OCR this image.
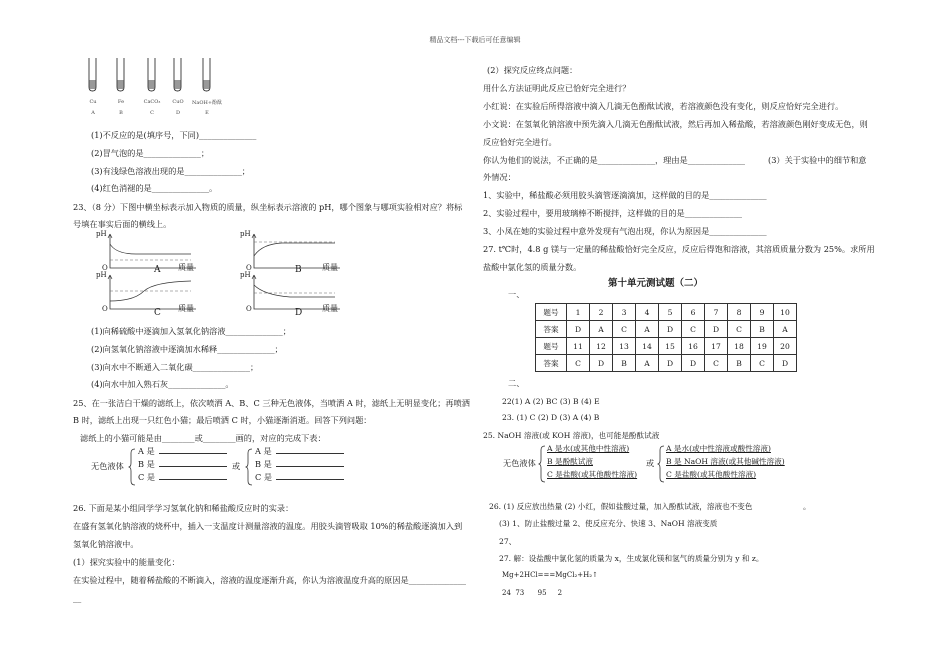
精品文档---下载后可任意编辑
Cu	Fe	CaCO₃	CuO	NaOH+酚酞
A	B	C	D	E
(1)不反应的是(填序号，下同)______________
(2)冒气泡的是______________；
(3)有浅绿色溶液出现的是______________；
(4)红色消褪的是______________。
23、（8 分）下图中横坐标表示加入物质的质量，纵坐标表示溶液的 pH，哪个图象与哪项实验相对应？将标
号填在事实后面的横线上。
pH
O	质量
A
pH
O	质量
B
pH
O	质量
C
pH
O	质量
D
(1)向稀硫酸中逐滴加入氢氧化钠溶液______________；
(2)向氢氧化钠溶液中逐滴加水稀释______________；
(3)向水中不断通入二氧化碳______________；
(4)向水中加入熟石灰______________。
25、在一张洁白干燥的滤纸上，依次喷洒 A、B、C 三种无色液体，当喷洒 A 时，滤纸上无明显变化；再喷洒
B 时，滤纸上出现一只红色小猫；最后喷洒 C 时，小猫逐渐消逝。回答下列问题：
滤纸上的小猫可能是由________或________画的，对应的完成下表：
无色液体
A 是
B 是
C 是
或
A 是
B 是
C 是
26. 下面是某小组同学学习氢氧化钠和稀盐酸反应时的实录：
在盛有氢氧化钠溶液的烧杯中，插入一支温度计测量溶液的温度。用胶头滴管吸取 10%的稀盐酸逐滴加入到
氢氧化钠溶液中。
(1）探究实验中的能量变化：
在实验过程中，随着稀盐酸的不断滴入，溶液的温度逐渐升高，你认为溶液温度升高的原因是______________
__
(2）探究反应终点问题：
用什么方法证明此反应已恰好完全进行？
小红说：在实验后所得溶液中滴入几滴无色酚酞试液，若溶液颜色没有变化，则反应恰好完全进行。
小文说：在氢氧化钠溶液中预先滴入几滴无色酚酞试液，然后再加入稀盐酸，若溶液颜色刚好变成无色，则
反应恰好完全进行。
你认为他们的说法，不正确的是______________，理由是______________	(3）关于实验中的细节和意
外情况：
1、实验中，稀盐酸必须用胶头滴管逐滴滴加，这样做的目的是______________
2、实验过程中，要用玻璃棒不断搅拌，这样做的目的是______________
3、小凤在她的实验过程中意外发现有气泡出现，你认为原因是______________
27. t℃时，4.8 g 镁与一定量的稀盐酸恰好完全反应，反应后得饱和溶液，其溶质质量分数为 25%。求所用
盐酸中氯化氢的质量分数。
第十单元测试题（二）
一、
题号	1	2	3	4	5	6	7	8	9	10
答案	D	A	C	A	D	C	D	C	B	A
题号	11	12	13	14	15	16	17	18	19	20
答案	C	D	B	A	D	D	C	B	C	D
二、
22(1) A (2) BC (3) B (4) E
23. (1) C (2) D (3) A (4) B
25. NaOH 溶液(或 KOH 溶液)，也可能是酚酞试液
无色液体
A 是水(或其他中性溶液)
B 是酚酞试液
C 是盐酸(或其他酸性溶液)
或
A 是水(或中性溶液或酸性溶液)
B 是 NaOH 溶液(或其他碱性溶液)
C 是盐酸(或其他酸性溶液)
26. (1) 反应放出热量 (2) 小红，假如盐酸过量，加入酚酞试液，溶液也不变色	。
(3) 1、防止盐酸过量 2、使反应充分、快速 3、NaOH 溶液变质
27、
27. 解：设盐酸中氯化氢的质量为 x，生成氯化镁和氢气的质量分别为 y 和 z。
Mg+2HCl===MgCl₂+H₂↑
24  73      95     2
